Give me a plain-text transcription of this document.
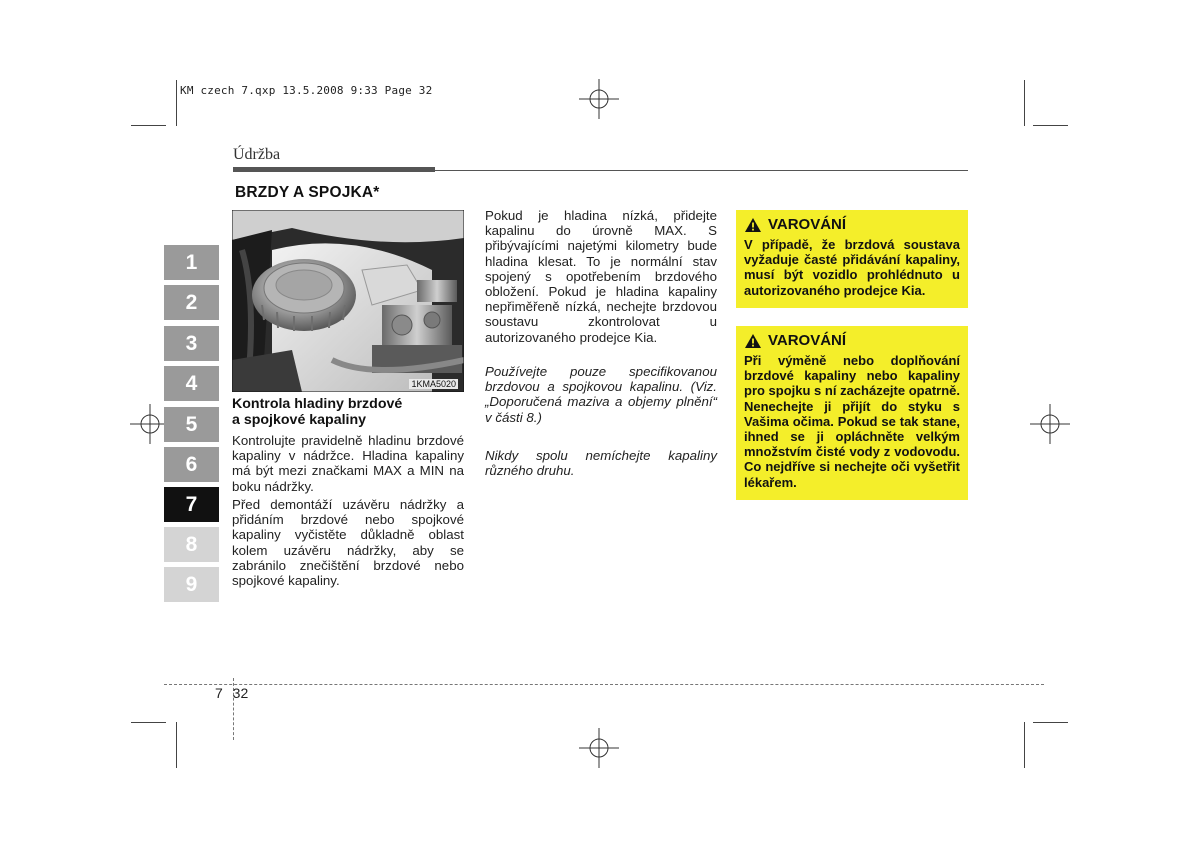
KM czech 7.qxp 13.5.2008 9:33 Page 32
Údržba
BRZDY A SPOJKA*
1KMA5020
Kontrola hladiny brzdové
a spojkové kapaliny
Kontrolujte pravidelně hladinu brzdové kapaliny v nádržce. Hladina kapaliny má být mezi značkami MAX a MIN na boku nádržky.
Před demontáží uzávěru nádržky a přidáním brzdové nebo spojkové kapaliny vyčistěte důkladně oblast kolem uzávěru nádržky, aby se zabránilo znečištění brzdové nebo spojkové kapaliny.
Pokud je hladina nízká, přidejte kapalinu do úrovně MAX. S přibývajícími najetými kilometry bude hladina klesat. To je normální stav spojený s opotřebením brzdového obložení. Pokud je hladina kapaliny nepřiměřeně nízká, nechejte brzdovou soustavu zkontrolovat u autorizovaného prodejce Kia.
Používejte pouze specifikovanou brzdovou a spojkovou kapalinu. (Viz. „Doporučená maziva a objemy plnění“ v části 8.)
Nikdy spolu nemíchejte kapaliny různého druhu.
VAROVÁNÍ
V případě, že brzdová soustava vyžaduje časté přidávání kapaliny, musí být vozidlo prohlédnuto u autorizovaného prodejce Kia.
VAROVÁNÍ
Při výměně nebo doplňování brzdové kapaliny nebo kapaliny pro spojku s ní zacházejte opatrně. Nenechejte ji přijít do styku s Vašima očima. Pokud se tak stane, ihned se ji opláchněte velkým množstvím čisté vody z vodovodu. Co nejdříve si nechejte oči vyšetřit lékařem.
1
2
3
4
5
6
7
8
9
7 32
